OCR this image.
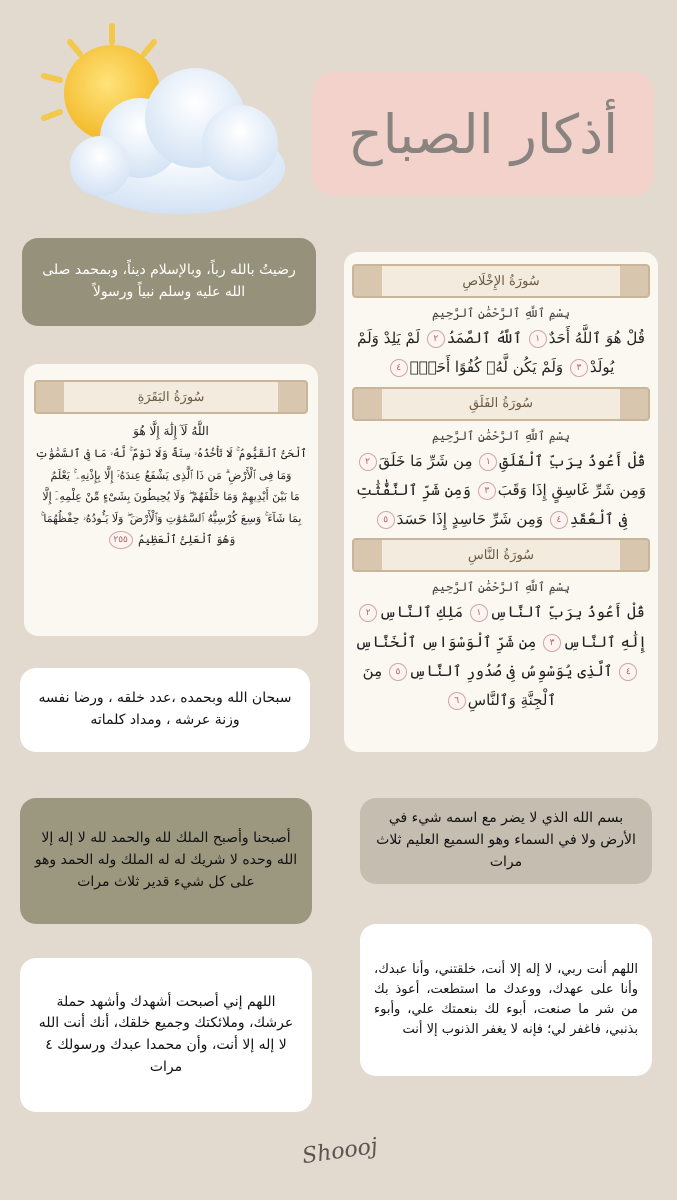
أذكار الصباح

رضيتُ بالله رباً، وبالإسلام ديناً، وبمحمد صلى الله عليه وسلم نبياً ورسولاً

سُورَةُ البَقَرَةِ
اللَّهُ لَآ إِلَٰهَ إِلَّا هُوَ
ٱلْحَىُّ ٱلْقَيُّومُ ۚ لَا تَأْخُذُهُۥ سِنَةٌ وَلَا نَوْمٌ ۚ لَّهُۥ مَا فِى ٱلسَّمَٰوَٰتِ
وَمَا فِى ٱلْأَرْضِ ۗ مَن ذَا ٱلَّذِى يَشْفَعُ عِندَهُۥٓ إِلَّا بِإِذْنِهِۦ ۚ يَعْلَمُ
مَا بَيْنَ أَيْدِيهِمْ وَمَا خَلْفَهُمْ ۖ وَلَا يُحِيطُونَ بِشَىْءٍ مِّنْ عِلْمِهِۦٓ إِلَّا
بِمَا شَآءَ ۚ وَسِعَ كُرْسِيُّهُ ٱلسَّمَٰوَٰتِ وَٱلْأَرْضَ ۖ وَلَا يَـُٔودُهُۥ حِفْظُهُمَا ۚ
وَهُوَ ٱلْعَلِىُّ ٱلْعَظِيمُ ٢٥٥

سبحان الله وبحمده ،عدد خلقه ، ورضا نفسه وزنة عرشه ، ومداد كلماته

أصبحنا وأصبح الملك لله والحمد لله لا إله إلا الله وحده لا شريك له له الملك وله الحمد وهو على كل شيء قدير ثلاث مرات

اللهم إني أصبحت أشهدك وأشهد حملة عرشك، وملائكتك وجميع خلقك، أنك أنت الله لا إله إلا أنت، وأن محمدا عبدك ورسولك ٤ مرات

سُورَةُ الإِخْلَاصِ
بِسْمِ ٱللَّهِ ٱلرَّحْمَٰنِ ٱلرَّحِيمِ
قُلْ هُوَ ٱللَّهُ أَحَدٌ١ ٱللَّهُ ٱلصَّمَدُ٢ لَمْ يَلِدْ وَلَمْ يُولَدْ٣ وَلَمْ يَكُن لَّهُۥ كُفُوًا أَحَدٌۢ٤
سُورَةُ الفَلَقِ
بِسْمِ ٱللَّهِ ٱلرَّحْمَٰنِ ٱلرَّحِيمِ
قُلْ أَعُوذُ بِرَبِّ ٱلْفَلَقِ١ مِن شَرِّ مَا خَلَقَ٢ وَمِن شَرِّ غَاسِقٍ إِذَا وَقَبَ٣ وَمِن شَرِّ ٱلنَّفَّٰثَٰتِ فِى ٱلْعُقَدِ٤ وَمِن شَرِّ حَاسِدٍ إِذَا حَسَدَ٥
سُورَةُ النَّاسِ
بِسْمِ ٱللَّهِ ٱلرَّحْمَٰنِ ٱلرَّحِيمِ
قُلْ أَعُوذُ بِرَبِّ ٱلنَّاسِ١ مَلِكِ ٱلنَّاسِ٢ إِلَٰهِ ٱلنَّاسِ٣ مِن شَرِّ ٱلْوَسْوَاسِ ٱلْخَنَّاسِ٤ ٱلَّذِى يُوَسْوِسُ فِى صُدُورِ ٱلنَّاسِ٥ مِنَ ٱلْجِنَّةِ وَٱلنَّاسِ٦

بسم الله الذي لا يضر مع اسمه شيء في الأرض ولا في السماء وهو السميع العليم ثلاث مرات

اللهم أنت ربي، لا إله إلا أنت، خلقتني، وأنا عبدك، وأنا على عهدك، ووعدك ما استطعت، أعوذ بك من شر ما صنعت، أبوء لك بنعمتك علي، وأبوء بذنبي، فاغفر لي؛ فإنه لا يغفر الذنوب إلا أنت

Shoooj
